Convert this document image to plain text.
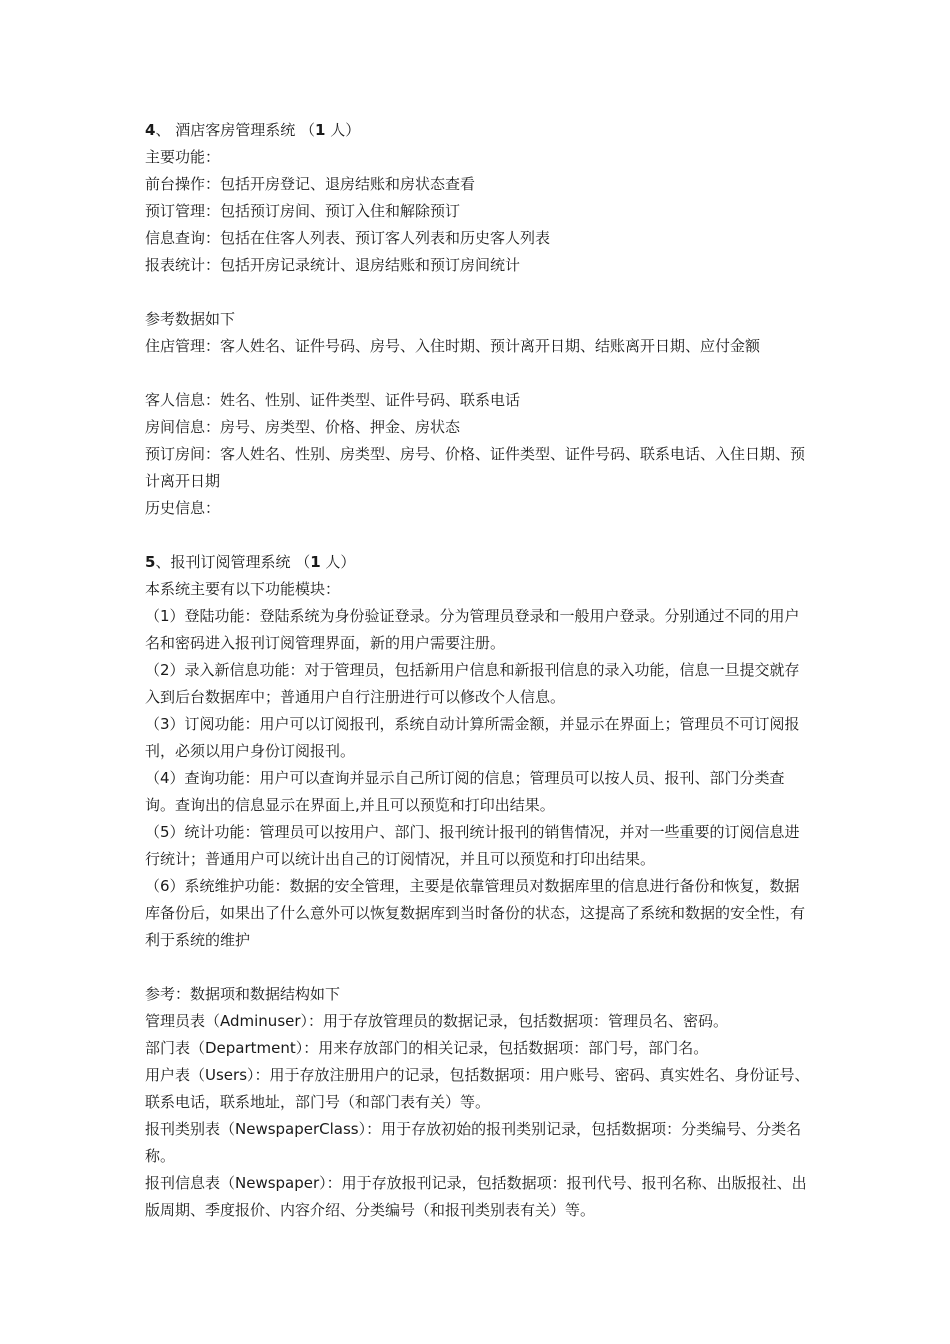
4、 酒店客房管理系统 （1 人）
主要功能：
前台操作：包括开房登记、退房结账和房状态查看
预订管理：包括预订房间、预订入住和解除预订
信息查询：包括在住客人列表、预订客人列表和历史客人列表
报表统计：包括开房记录统计、退房结账和预订房间统计
参考数据如下
住店管理：客人姓名、证件号码、房号、入住时期、预计离开日期、结账离开日期、应付金额
客人信息：姓名、性别、证件类型、证件号码、联系电话
房间信息：房号、房类型、价格、押金、房状态
预订房间：客人姓名、性别、房类型、房号、价格、证件类型、证件号码、联系电话、入住日期、预计离开日期
历史信息：
5、报刊订阅管理系统 （1 人）
本系统主要有以下功能模块：
（1）登陆功能：登陆系统为身份验证登录。分为管理员登录和一般用户登录。分别通过不同的用户名和密码进入报刊订阅管理界面，新的用户需要注册。
（2）录入新信息功能：对于管理员，包括新用户信息和新报刊信息的录入功能，信息一旦提交就存入到后台数据库中；普通用户自行注册进行可以修改个人信息。
（3）订阅功能：用户可以订阅报刊，系统自动计算所需金额，并显示在界面上；管理员不可订阅报刊，必须以用户身份订阅报刊。
（4）查询功能：用户可以查询并显示自己所订阅的信息；管理员可以按人员、报刊、部门分类查询。查询出的信息显示在界面上,并且可以预览和打印出结果。
（5）统计功能：管理员可以按用户、部门、报刊统计报刊的销售情况，并对一些重要的订阅信息进行统计；普通用户可以统计出自己的订阅情况，并且可以预览和打印出结果。
（6）系统维护功能：数据的安全管理，主要是依靠管理员对数据库里的信息进行备份和恢复，数据库备份后，如果出了什么意外可以恢复数据库到当时备份的状态，这提高了系统和数据的安全性，有利于系统的维护
参考：数据项和数据结构如下
管理员表（Adminuser）：用于存放管理员的数据记录，包括数据项：管理员名、密码。
部门表（Department）：用来存放部门的相关记录，包括数据项：部门号，部门名。
用户表（Users）：用于存放注册用户的记录，包括数据项：用户账号、密码、真实姓名、身份证号、联系电话，联系地址，部门号（和部门表有关）等。
报刊类别表（NewspaperClass）：用于存放初始的报刊类别记录，包括数据项：分类编号、分类名称。
报刊信息表（Newspaper）：用于存放报刊记录，包括数据项：报刊代号、报刊名称、出版报社、出版周期、季度报价、内容介绍、分类编号（和报刊类别表有关）等。
